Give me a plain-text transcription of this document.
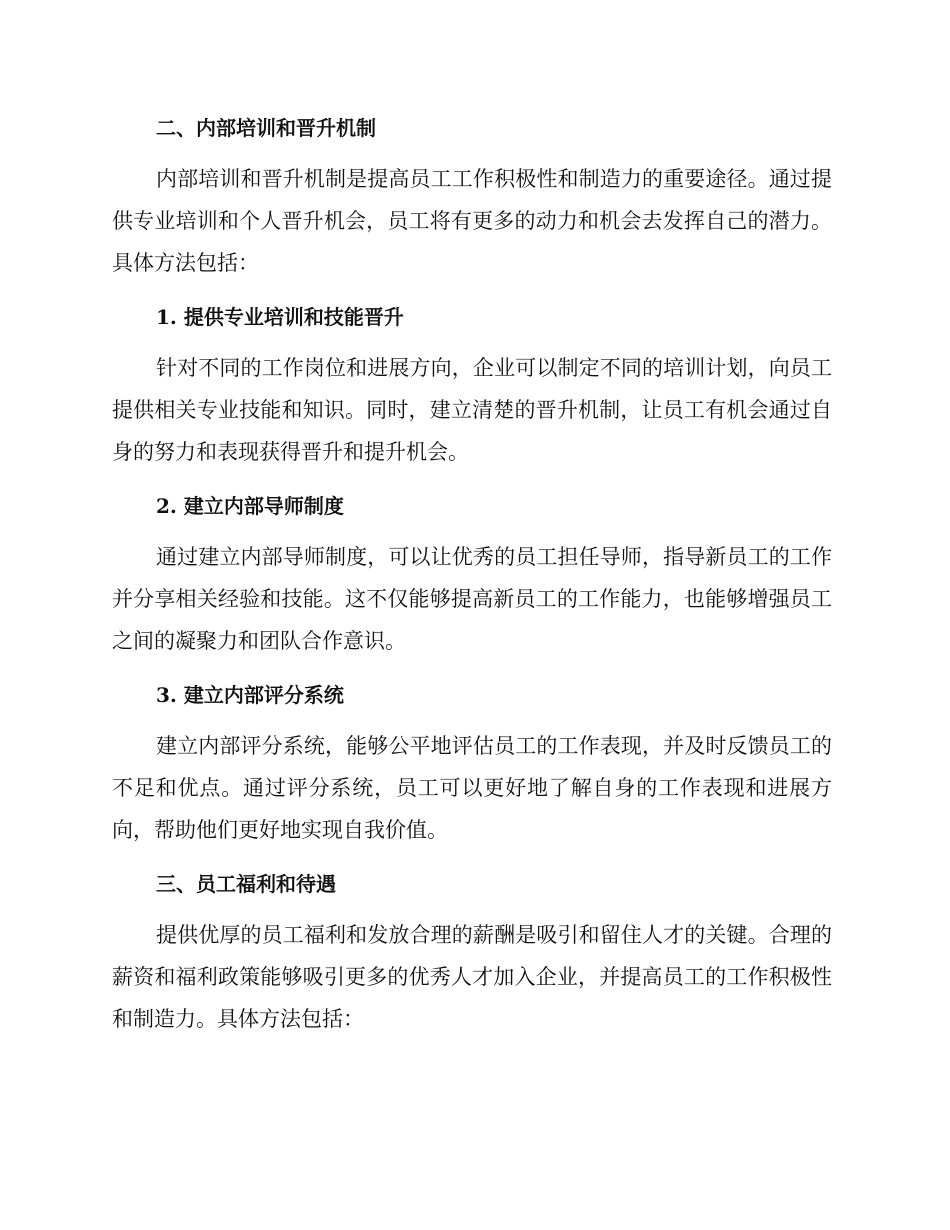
二、内部培训和晋升机制

内部培训和晋升机制是提高员工工作积极性和制造力的重要途径。通过提供专业培训和个人晋升机会，员工将有更多的动力和机会去发挥自己的潜力。具体方法包括：

1. 提供专业培训和技能晋升

针对不同的工作岗位和进展方向，企业可以制定不同的培训计划，向员工提供相关专业技能和知识。同时，建立清楚的晋升机制，让员工有机会通过自身的努力和表现获得晋升和提升机会。

2. 建立内部导师制度

通过建立内部导师制度，可以让优秀的员工担任导师，指导新员工的工作并分享相关经验和技能。这不仅能够提高新员工的工作能力，也能够增强员工之间的凝聚力和团队合作意识。

3. 建立内部评分系统

建立内部评分系统，能够公平地评估员工的工作表现，并及时反馈员工的不足和优点。通过评分系统，员工可以更好地了解自身的工作表现和进展方向，帮助他们更好地实现自我价值。

三、员工福利和待遇

提供优厚的员工福利和发放合理的薪酬是吸引和留住人才的关键。合理的薪资和福利政策能够吸引更多的优秀人才加入企业，并提高员工的工作积极性和制造力。具体方法包括：
